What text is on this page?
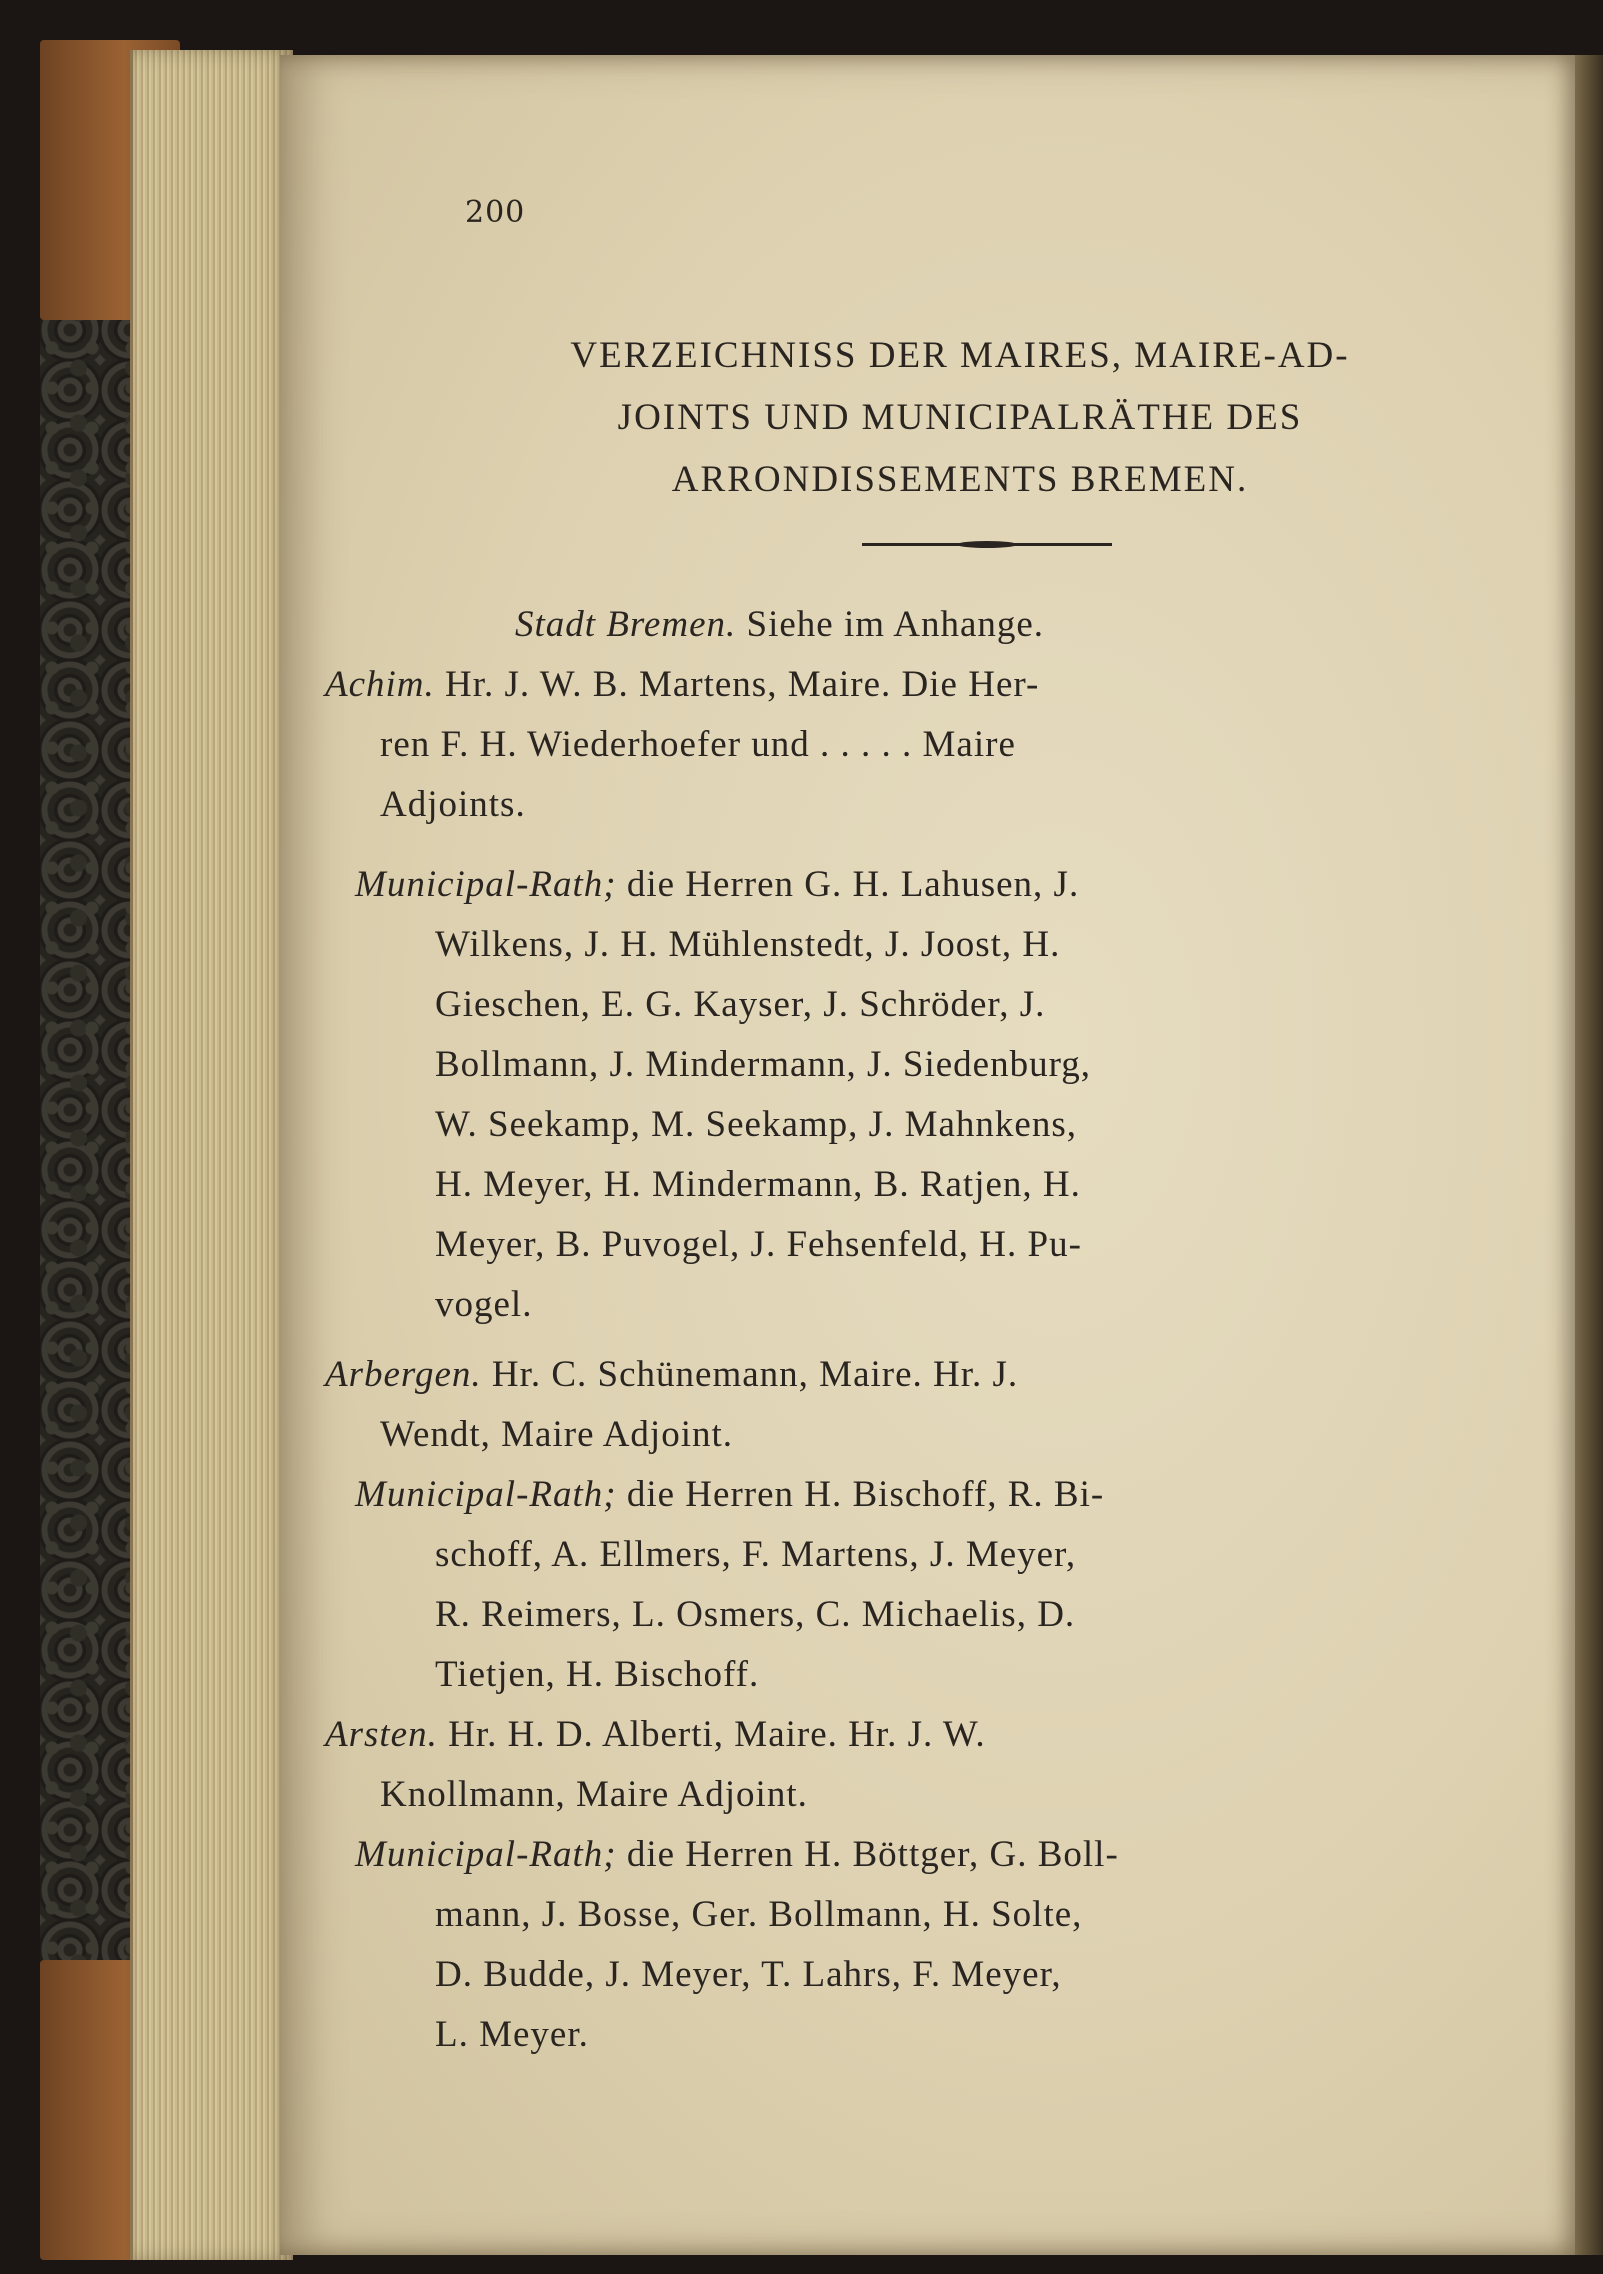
200
VERZEICHNISS DER MAIRES, MAIRE-AD-
JOINTS UND MUNICIPALRÄTHE DES
ARRONDISSEMENTS BREMEN.
Stadt Bremen. Siehe im Anhange.
Achim. Hr. J. W. B. Martens, Maire. Die Her-
ren F. H. Wiederhoefer und . . . . . Maire
Adjoints.
Municipal-Rath; die Herren G. H. Lahusen, J.
Wilkens, J. H. Mühlenstedt, J. Joost, H.
Gieschen, E. G. Kayser, J. Schröder, J.
Bollmann, J. Mindermann, J. Siedenburg,
W. Seekamp, M. Seekamp, J. Mahnkens,
H. Meyer, H. Mindermann, B. Ratjen, H.
Meyer, B. Puvogel, J. Fehsenfeld, H. Pu-
vogel.
Arbergen. Hr. C. Schünemann, Maire. Hr. J.
Wendt, Maire Adjoint.
Municipal-Rath; die Herren H. Bischoff, R. Bi-
schoff, A. Ellmers, F. Martens, J. Meyer,
R. Reimers, L. Osmers, C. Michaelis, D.
Tietjen, H. Bischoff.
Arsten. Hr. H. D. Alberti, Maire. Hr. J. W.
Knollmann, Maire Adjoint.
Municipal-Rath; die Herren H. Böttger, G. Boll-
mann, J. Bosse, Ger. Bollmann, H. Solte,
D. Budde, J. Meyer, T. Lahrs, F. Meyer,
L. Meyer.
